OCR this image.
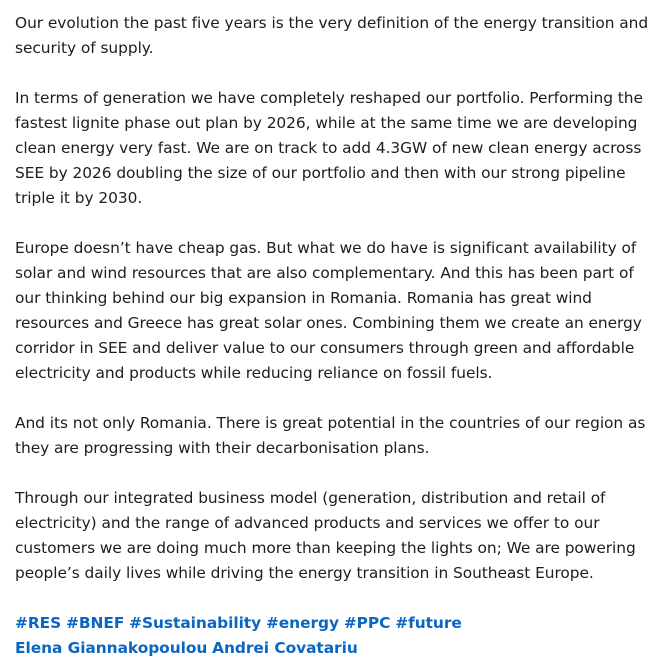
Our evolution the past five years is the very definition of the energy transition and
security of supply.
In terms of generation we have completely reshaped our portfolio. Performing the
fastest lignite phase out plan by 2026, while at the same time we are developing
clean energy very fast. We are on track to add 4.3GW of new clean energy across
SEE by 2026 doubling the size of our portfolio and then with our strong pipeline
triple it by 2030.
Europe doesn’t have cheap gas. But what we do have is significant availability of
solar and wind resources that are also complementary. And this has been part of
our thinking behind our big expansion in Romania. Romania has great wind
resources and Greece has great solar ones. Combining them we create an energy
corridor in SEE and deliver value to our consumers through green and affordable
electricity and products while reducing reliance on fossil fuels.
And its not only Romania. There is great potential in the countries of our region as
they are progressing with their decarbonisation plans.
Through our integrated business model (generation, distribution and retail of
electricity) and the range of advanced products and services we offer to our
customers we are doing much more than keeping the lights on; We are powering
people’s daily lives while driving the energy transition in Southeast Europe.
#RES #BNEF #Sustainability #energy #PPC #future
Elena Giannakopoulou Andrei Covatariu
